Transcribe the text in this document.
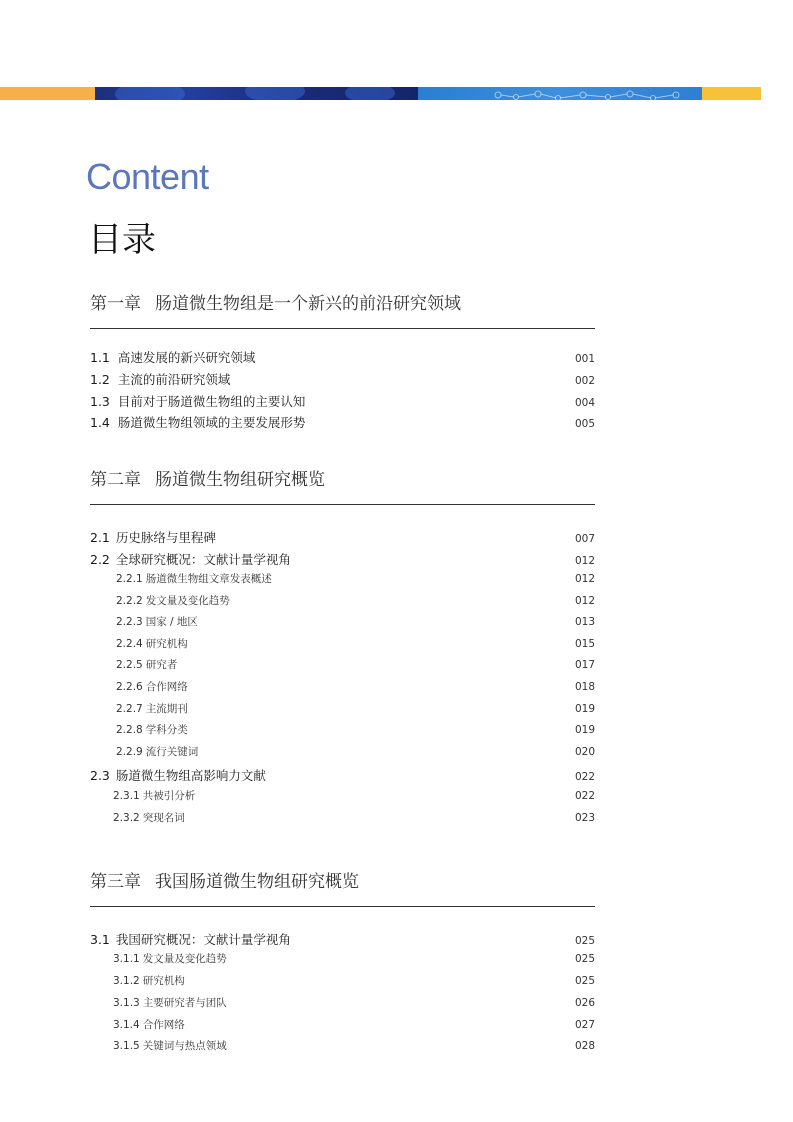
Content
目录
第一章 肠道微生物组是一个新兴的前沿研究领域
1.1 高速发展的新兴研究领域	001
1.2 主流的前沿研究领域	002
1.3 目前对于肠道微生物组的主要认知	004
1.4 肠道微生物组领域的主要发展形势	005
第二章 肠道微生物组研究概览
2.1 历史脉络与里程碑	007
2.2 全球研究概况：文献计量学视角	012
2.2.1 肠道微生物组文章发表概述	012
2.2.2 发文量及变化趋势	012
2.2.3 国家 / 地区	013
2.2.4 研究机构	015
2.2.5 研究者	017
2.2.6 合作网络	018
2.2.7 主流期刊	019
2.2.8 学科分类	019
2.2.9 流行关键词	020
2.3 肠道微生物组高影响力文献	022
2.3.1 共被引分析	022
2.3.2 突现名词	023
第三章 我国肠道微生物组研究概览
3.1 我国研究概况：文献计量学视角	025
3.1.1 发文量及变化趋势	025
3.1.2 研究机构	025
3.1.3 主要研究者与团队	026
3.1.4 合作网络	027
3.1.5 关键词与热点领域	028
